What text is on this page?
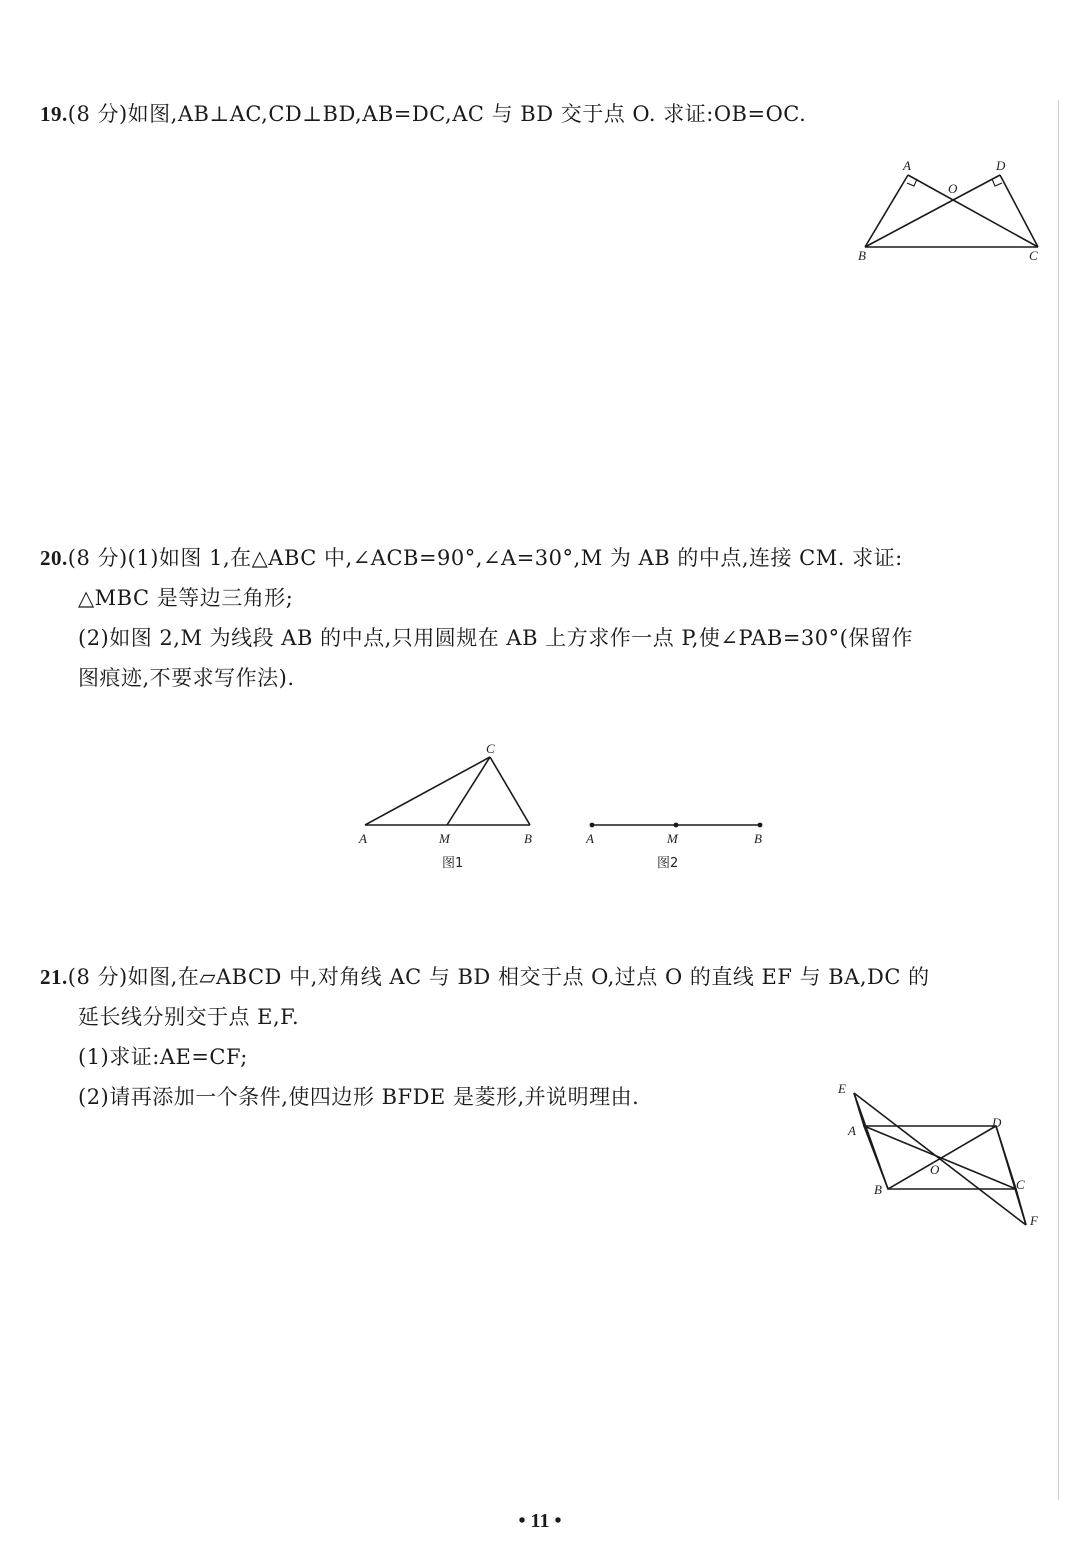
19.(8 分)如图,AB⊥AC,CD⊥BD,AB=DC,AC 与 BD 交于点 O. 求证:OB=OC.
A	D
O
B	C
20.(8 分)(1)如图 1,在△ABC 中,∠ACB=90°,∠A=30°,M 为 AB 的中点,连接 CM. 求证:
△MBC 是等边三角形;
(2)如图 2,M 为线段 AB 的中点,只用圆规在 AB 上方求作一点 P,使∠PAB=30°(保留作
图痕迹,不要求写作法).
C
A	M	B
图1
A	M	B
图2
21.(8 分)如图,在▱ABCD 中,对角线 AC 与 BD 相交于点 O,过点 O 的直线 EF 与 BA,DC 的
延长线分别交于点 E,F.
(1)求证:AE=CF;
(2)请再添加一个条件,使四边形 BFDE 是菱形,并说明理由.	E
A
D
O
B	C
F
• 11 •
